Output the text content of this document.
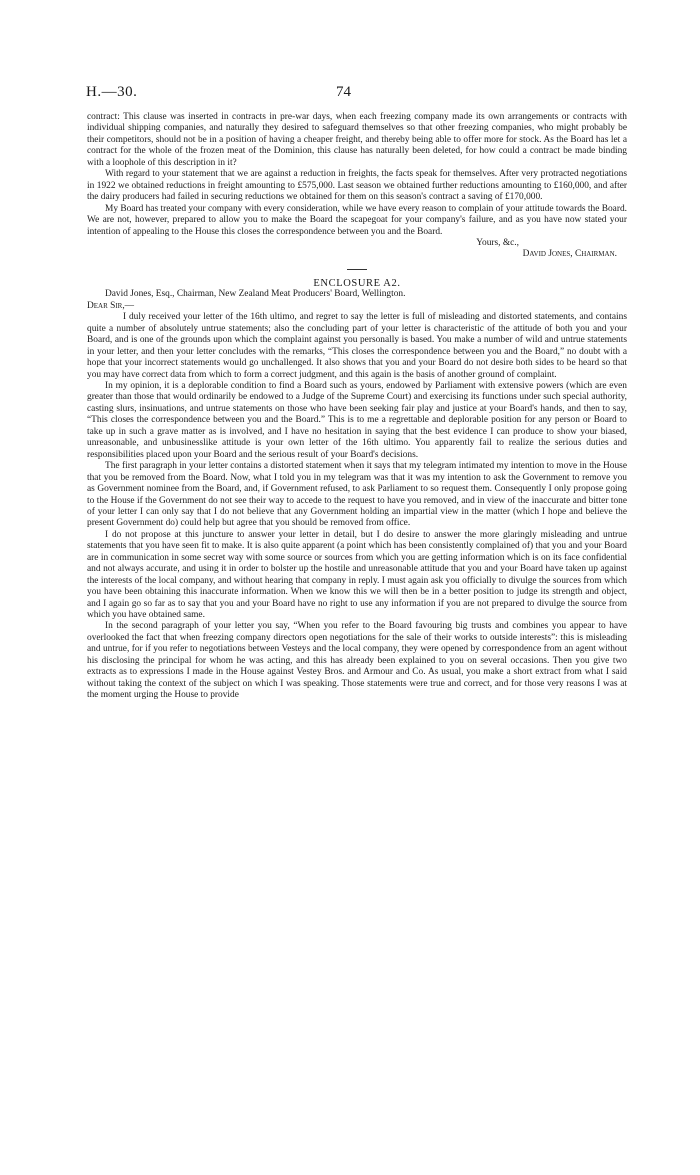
H.—30.	74

contract: This clause was inserted in contracts in pre-war days, when each freezing company made its own arrangements or contracts with individual shipping companies, and naturally they desired to safeguard themselves so that other freezing companies, who might probably be their competitors, should not be in a position of having a cheaper freight, and thereby being able to offer more for stock. As the Board has let a contract for the whole of the frozen meat of the Dominion, this clause has naturally been deleted, for how could a contract be made binding with a loophole of this description in it?

With regard to your statement that we are against a reduction in freights, the facts speak for themselves. After very protracted negotiations in 1922 we obtained reductions in freight amounting to £575,000. Last season we obtained further reductions amounting to £160,000, and after the dairy producers had failed in securing reductions we obtained for them on this season's contract a saving of £170,000.

My Board has treated your company with every consideration, while we have every reason to complain of your attitude towards the Board. We are not, however, prepared to allow you to make the Board the scapegoat for your company's failure, and as you have now stated your intention of appealing to the House this closes the correspondence between you and the Board.

Yours, &c.,

David Jones, Chairman.

ENCLOSURE A2.

David Jones, Esq., Chairman, New Zealand Meat Producers' Board, Wellington.

Dear Sir,—

I duly received your letter of the 16th ultimo, and regret to say the letter is full of misleading and distorted statements, and contains quite a number of absolutely untrue statements; also the concluding part of your letter is characteristic of the attitude of both you and your Board, and is one of the grounds upon which the complaint against you personally is based. You make a number of wild and untrue statements in your letter, and then your letter concludes with the remarks, “This closes the correspondence between you and the Board,” no doubt with a hope that your incorrect statements would go unchallenged. It also shows that you and your Board do not desire both sides to be heard so that you may have correct data from which to form a correct judgment, and this again is the basis of another ground of complaint.

In my opinion, it is a deplorable condition to find a Board such as yours, endowed by Parliament with extensive powers (which are even greater than those that would ordinarily be endowed to a Judge of the Supreme Court) and exercising its functions under such special authority, casting slurs, insinuations, and untrue statements on those who have been seeking fair play and justice at your Board's hands, and then to say, “This closes the correspondence between you and the Board.” This is to me a regrettable and deplorable position for any person or Board to take up in such a grave matter as is involved, and I have no hesitation in saying that the best evidence I can produce to show your biased, unreasonable, and unbusinesslike attitude is your own letter of the 16th ultimo. You apparently fail to realize the serious duties and responsibilities placed upon your Board and the serious result of your Board's decisions.

The first paragraph in your letter contains a distorted statement when it says that my telegram intimated my intention to move in the House that you be removed from the Board. Now, what I told you in my telegram was that it was my intention to ask the Government to remove you as Government nominee from the Board, and, if Government refused, to ask Parliament to so request them. Consequently I only propose going to the House if the Government do not see their way to accede to the request to have you removed, and in view of the inaccurate and bitter tone of your letter I can only say that I do not believe that any Government holding an impartial view in the matter (which I hope and believe the present Government do) could help but agree that you should be removed from office.

I do not propose at this juncture to answer your letter in detail, but I do desire to answer the more glaringly misleading and untrue statements that you have seen fit to make. It is also quite apparent (a point which has been consistently complained of) that you and your Board are in communication in some secret way with some source or sources from which you are getting information which is on its face confidential and not always accurate, and using it in order to bolster up the hostile and unreasonable attitude that you and your Board have taken up against the interests of the local company, and without hearing that company in reply. I must again ask you officially to divulge the sources from which you have been obtaining this inaccurate information. When we know this we will then be in a better position to judge its strength and object, and I again go so far as to say that you and your Board have no right to use any information if you are not prepared to divulge the source from which you have obtained same.

In the second paragraph of your letter you say, “When you refer to the Board favouring big trusts and combines you appear to have overlooked the fact that when freezing company directors open negotiations for the sale of their works to outside interests”: this is misleading and untrue, for if you refer to negotiations between Vesteys and the local company, they were opened by correspondence from an agent without his disclosing the principal for whom he was acting, and this has already been explained to you on several occasions. Then you give two extracts as to expressions I made in the House against Vestey Bros. and Armour and Co. As usual, you make a short extract from what I said without taking the context of the subject on which I was speaking. Those statements were true and correct, and for those very reasons I was at the moment urging the House to provide
